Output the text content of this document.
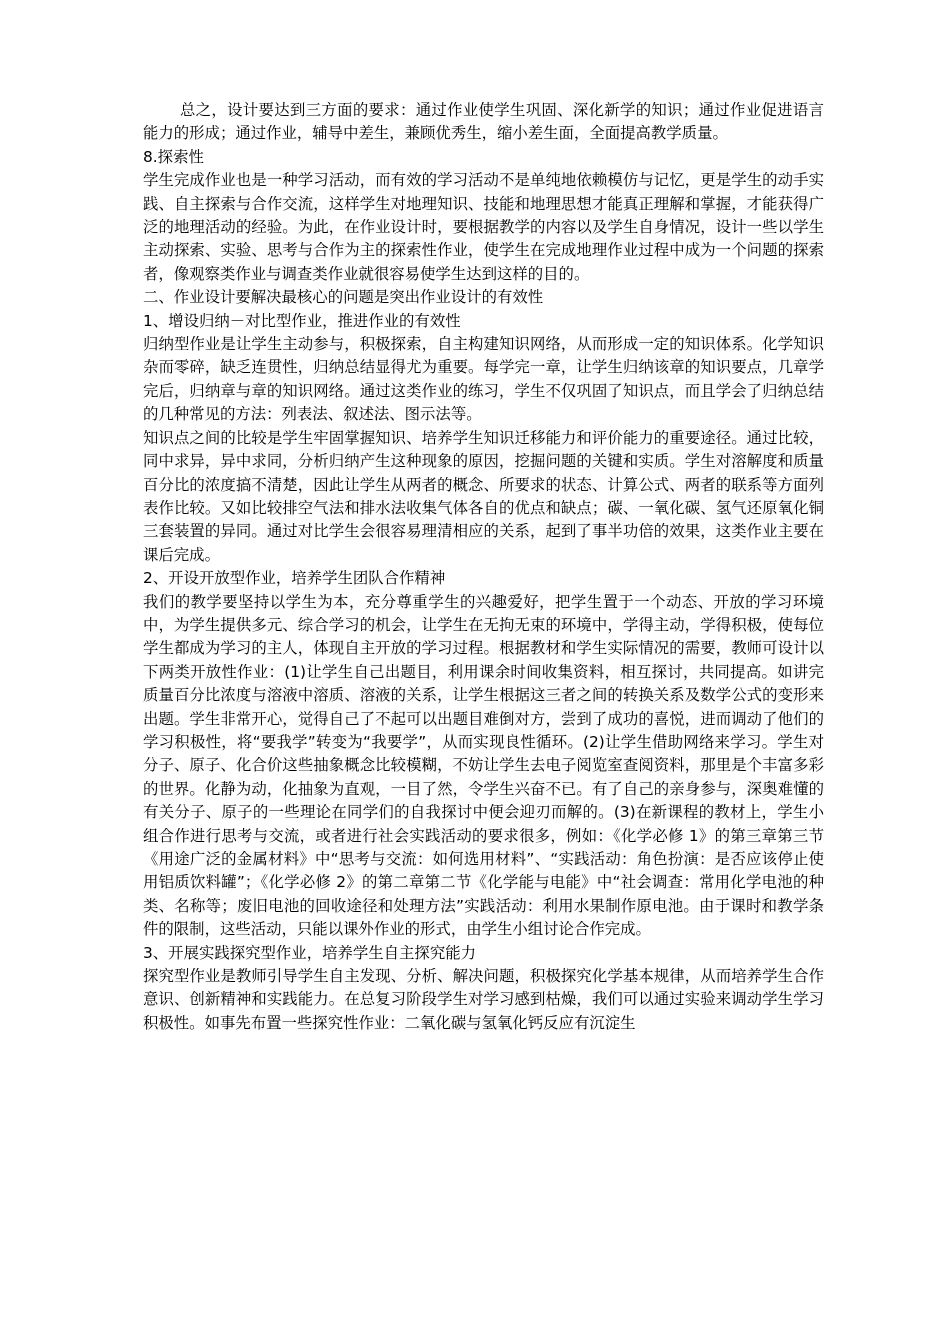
总之，设计要达到三方面的要求：通过作业使学生巩固、深化新学的知识；通过作业促进语言能力的形成；通过作业，辅导中差生，兼顾优秀生，缩小差生面，全面提高教学质量。

8.探索性

学生完成作业也是一种学习活动，而有效的学习活动不是单纯地依赖模仿与记忆，更是学生的动手实践、自主探索与合作交流，这样学生对地理知识、技能和地理思想才能真正理解和掌握，才能获得广泛的地理活动的经验。为此，在作业设计时，要根据教学的内容以及学生自身情况，设计一些以学生主动探索、实验、思考与合作为主的探索性作业，使学生在完成地理作业过程中成为一个问题的探索者，像观察类作业与调查类作业就很容易使学生达到这样的目的。

二、作业设计要解决最核心的问题是突出作业设计的有效性

1、增设归纳－对比型作业，推进作业的有效性

归纳型作业是让学生主动参与，积极探索，自主构建知识网络，从而形成一定的知识体系。化学知识杂而零碎，缺乏连贯性，归纳总结显得尤为重要。每学完一章，让学生归纳该章的知识要点，几章学完后，归纳章与章的知识网络。通过这类作业的练习，学生不仅巩固了知识点，而且学会了归纳总结的几种常见的方法：列表法、叙述法、图示法等。

知识点之间的比较是学生牢固掌握知识、培养学生知识迁移能力和评价能力的重要途径。通过比较，同中求异，异中求同，分析归纳产生这种现象的原因，挖掘问题的关键和实质。学生对溶解度和质量百分比的浓度搞不清楚，因此让学生从两者的概念、所要求的状态、计算公式、两者的联系等方面列表作比较。又如比较排空气法和排水法收集气体各自的优点和缺点；碳、一氧化碳、氢气还原氧化铜三套装置的异同。通过对比学生会很容易理清相应的关系，起到了事半功倍的效果，这类作业主要在课后完成。

2、开设开放型作业，培养学生团队合作精神

我们的教学要坚持以学生为本，充分尊重学生的兴趣爱好，把学生置于一个动态、开放的学习环境中，为学生提供多元、综合学习的机会，让学生在无拘无束的环境中，学得主动，学得积极，使每位学生都成为学习的主人，体现自主开放的学习过程。根据教材和学生实际情况的需要，教师可设计以下两类开放性作业：(1)让学生自己出题目，利用课余时间收集资料，相互探讨，共同提高。如讲完质量百分比浓度与溶液中溶质、溶液的关系，让学生根据这三者之间的转换关系及数学公式的变形来出题。学生非常开心，觉得自己了不起可以出题目难倒对方，尝到了成功的喜悦，进而调动了他们的学习积极性，将“要我学”转变为“我要学”，从而实现良性循环。(2)让学生借助网络来学习。学生对分子、原子、化合价这些抽象概念比较模糊，不妨让学生去电子阅览室查阅资料，那里是个丰富多彩的世界。化静为动，化抽象为直观，一目了然，令学生兴奋不已。有了自己的亲身参与，深奥难懂的有关分子、原子的一些理论在同学们的自我探讨中便会迎刃而解的。(3)在新课程的教材上，学生小组合作进行思考与交流，或者进行社会实践活动的要求很多，例如：《化学必修 1》的第三章第三节《用途广泛的金属材料》中“思考与交流：如何选用材料”、“实践活动：角色扮演：是否应该停止使用铝质饮料罐”；《化学必修 2》的第二章第二节《化学能与电能》中“社会调查：常用化学电池的种类、名称等；废旧电池的回收途径和处理方法”实践活动：利用水果制作原电池。由于课时和教学条件的限制，这些活动，只能以课外作业的形式，由学生小组讨论合作完成。

3、开展实践探究型作业，培养学生自主探究能力

探究型作业是教师引导学生自主发现、分析、解决问题，积极探究化学基本规律，从而培养学生合作意识、创新精神和实践能力。在总复习阶段学生对学习感到枯燥，我们可以通过实验来调动学生学习积极性。如事先布置一些探究性作业：二氧化碳与氢氧化钙反应有沉淀生
